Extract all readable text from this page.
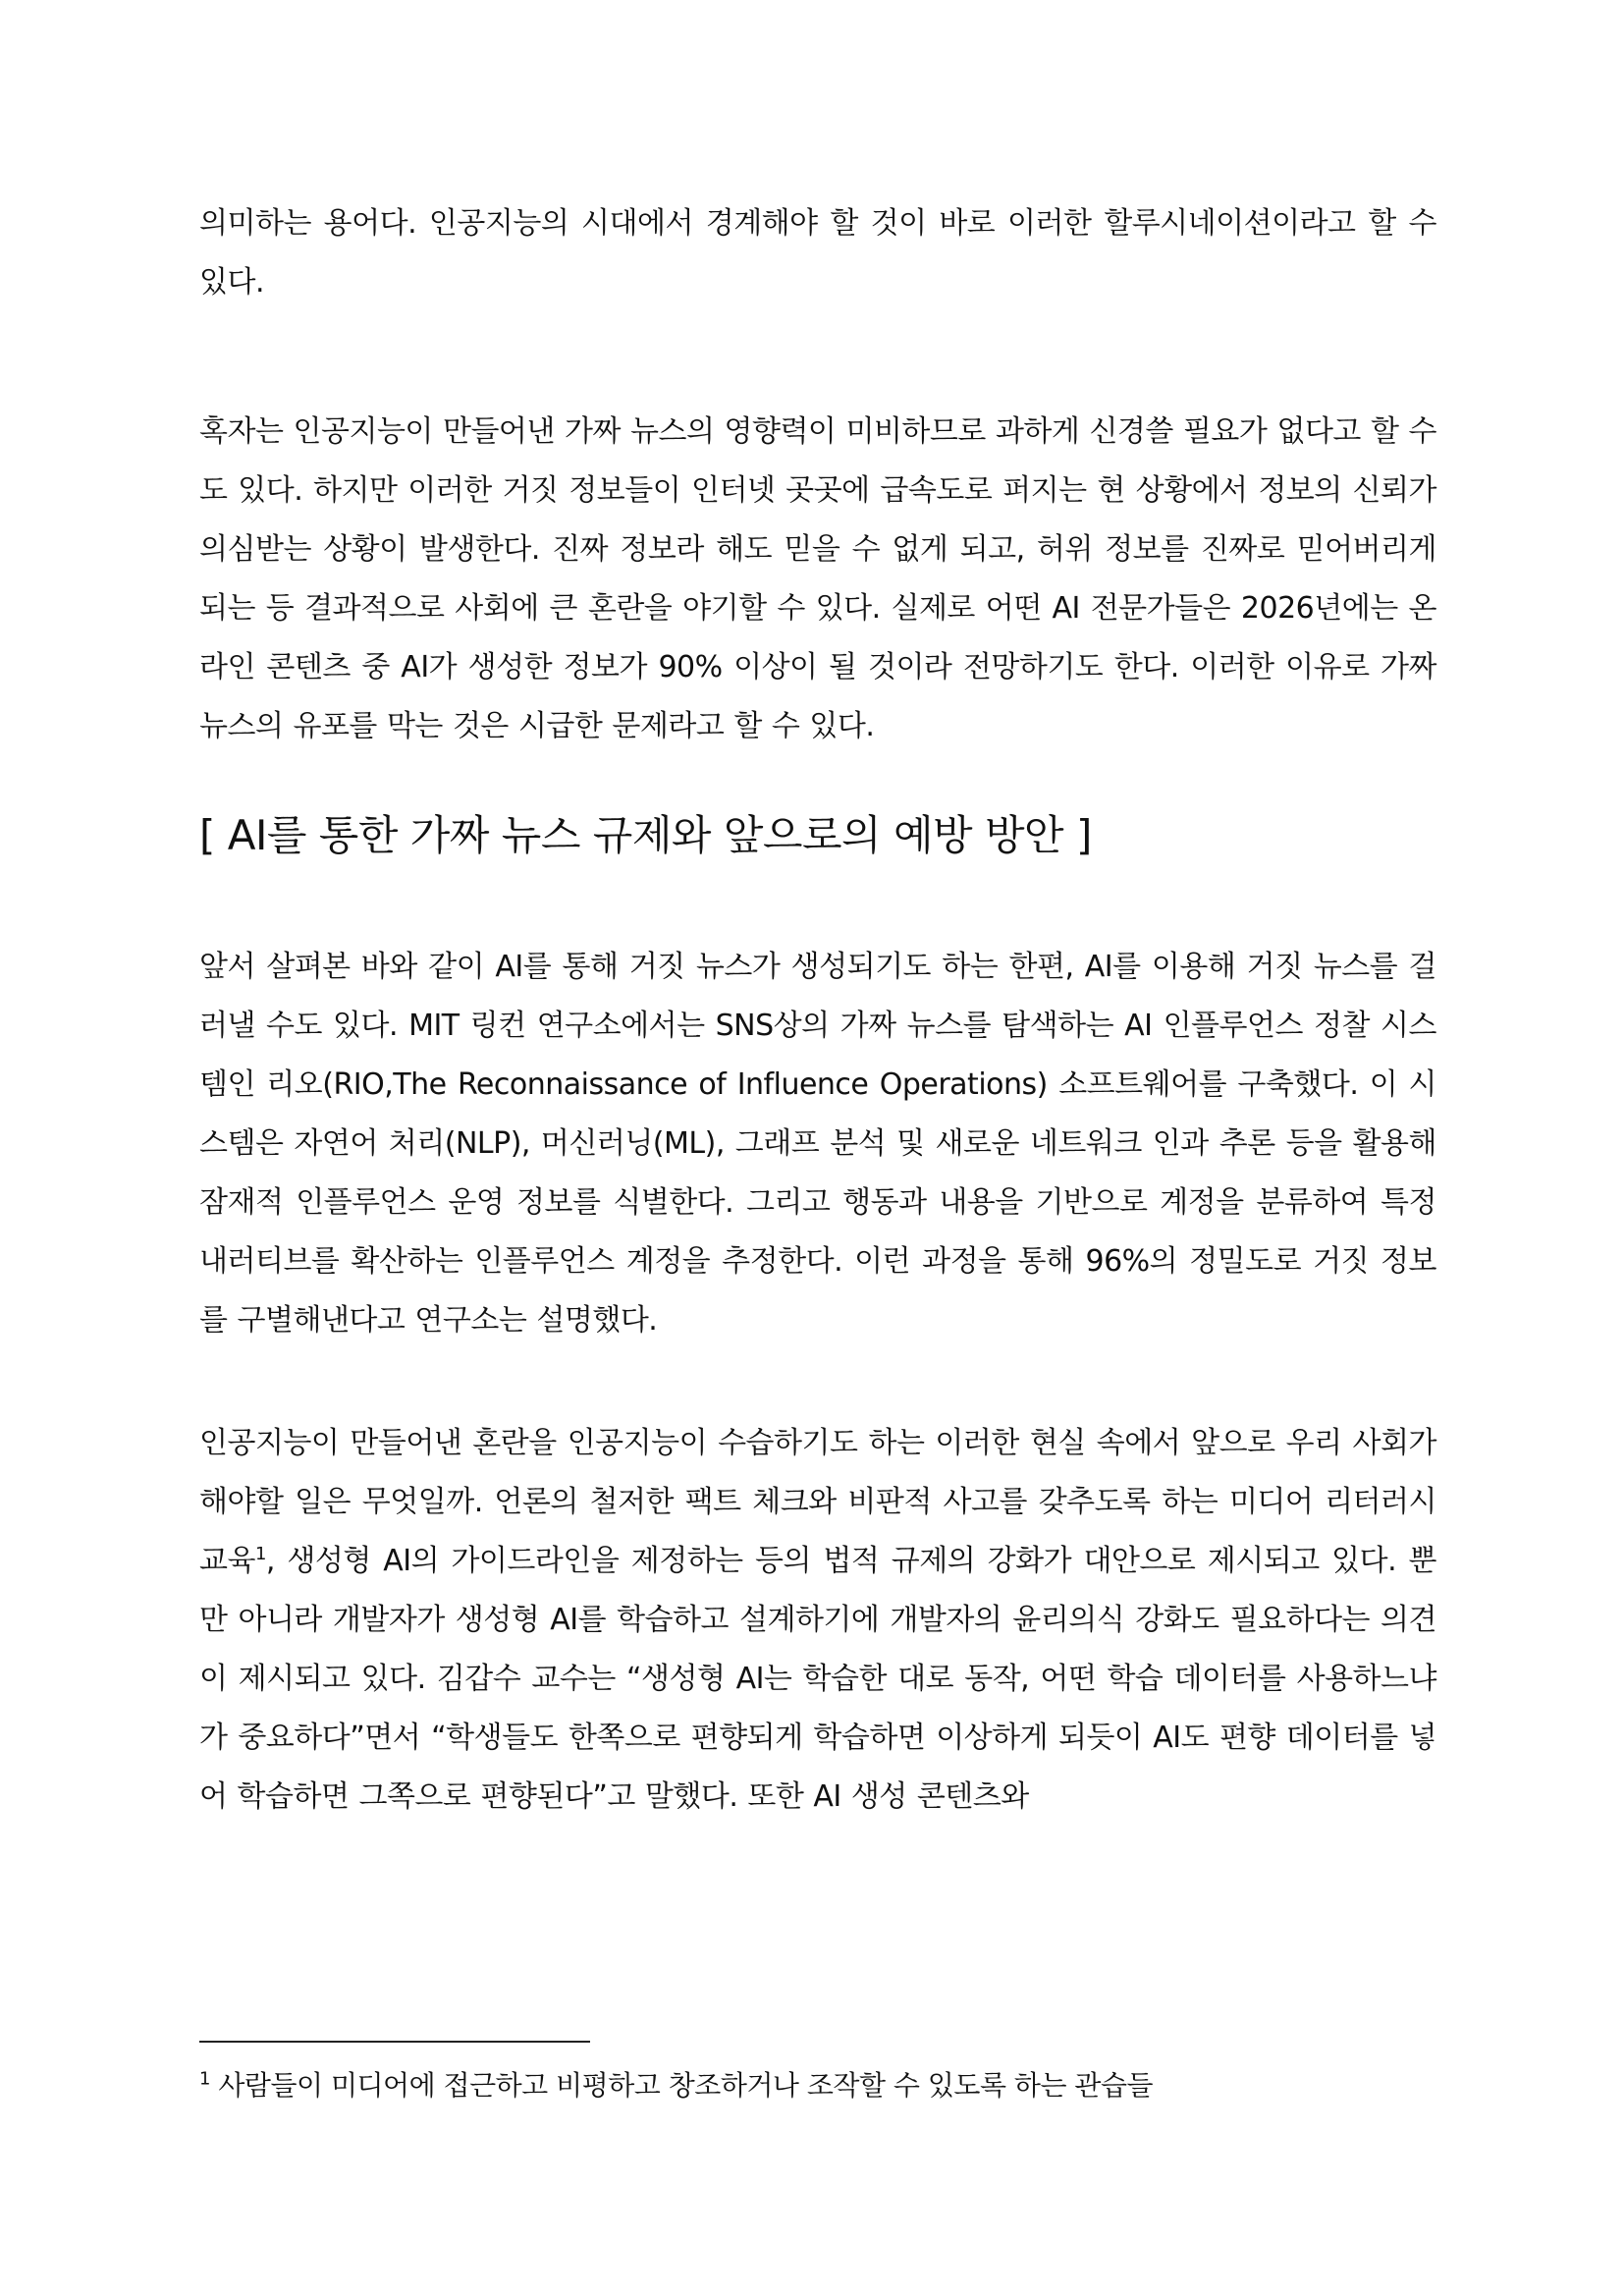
의미하는 용어다. 인공지능의 시대에서 경계해야 할 것이 바로 이러한 할루시네이션이라고 할 수 있다.

혹자는 인공지능이 만들어낸 가짜 뉴스의 영향력이 미비하므로 과하게 신경쓸 필요가 없다고 할 수도 있다. 하지만 이러한 거짓 정보들이 인터넷 곳곳에 급속도로 퍼지는 현 상황에서 정보의 신뢰가 의심받는 상황이 발생한다. 진짜 정보라 해도 믿을 수 없게 되고, 허위 정보를 진짜로 믿어버리게 되는 등 결과적으로 사회에 큰 혼란을 야기할 수 있다. 실제로 어떤 AI 전문가들은 2026년에는 온라인 콘텐츠 중 AI가 생성한 정보가 90% 이상이 될 것이라 전망하기도 한다. 이러한 이유로 가짜 뉴스의 유포를 막는 것은 시급한 문제라고 할 수 있다.

[ AI를 통한 가짜 뉴스 규제와 앞으로의 예방 방안 ]

앞서 살펴본 바와 같이 AI를 통해 거짓 뉴스가 생성되기도 하는 한편, AI를 이용해 거짓 뉴스를 걸러낼 수도 있다. MIT 링컨 연구소에서는 SNS상의 가짜 뉴스를 탐색하는 AI 인플루언스 정찰 시스템인 리오(RIO,The Reconnaissance of Influence Operations) 소프트웨어를 구축했다. 이 시스템은 자연어 처리(NLP), 머신러닝(ML), 그래프 분석 및 새로운 네트워크 인과 추론 등을 활용해 잠재적 인플루언스 운영 정보를 식별한다. 그리고 행동과 내용을 기반으로 계정을 분류하여 특정 내러티브를 확산하는 인플루언스 계정을 추정한다. 이런 과정을 통해 96%의 정밀도로 거짓 정보를 구별해낸다고 연구소는 설명했다.

인공지능이 만들어낸 혼란을 인공지능이 수습하기도 하는 이러한 현실 속에서 앞으로 우리 사회가 해야할 일은 무엇일까. 언론의 철저한 팩트 체크와 비판적 사고를 갖추도록 하는 미디어 리터러시 교육$^1$, 생성형 AI의 가이드라인을 제정하는 등의 법적 규제의 강화가 대안으로 제시되고 있다. 뿐만 아니라 개발자가 생성형 AI를 학습하고 설계하기에 개발자의 윤리의식 강화도 필요하다는 의견이 제시되고 있다. 김갑수 교수는 “생성형 AI는 학습한 대로 동작, 어떤 학습 데이터를 사용하느냐가 중요하다”면서 “학생들도 한쪽으로 편향되게 학습하면 이상하게 되듯이 AI도 편향 데이터를 넣어 학습하면 그쪽으로 편향된다”고 말했다. 또한 AI 생성 콘텐츠와

$^1$ 사람들이 미디어에 접근하고 비평하고 창조하거나 조작할 수 있도록 하는 관습들
